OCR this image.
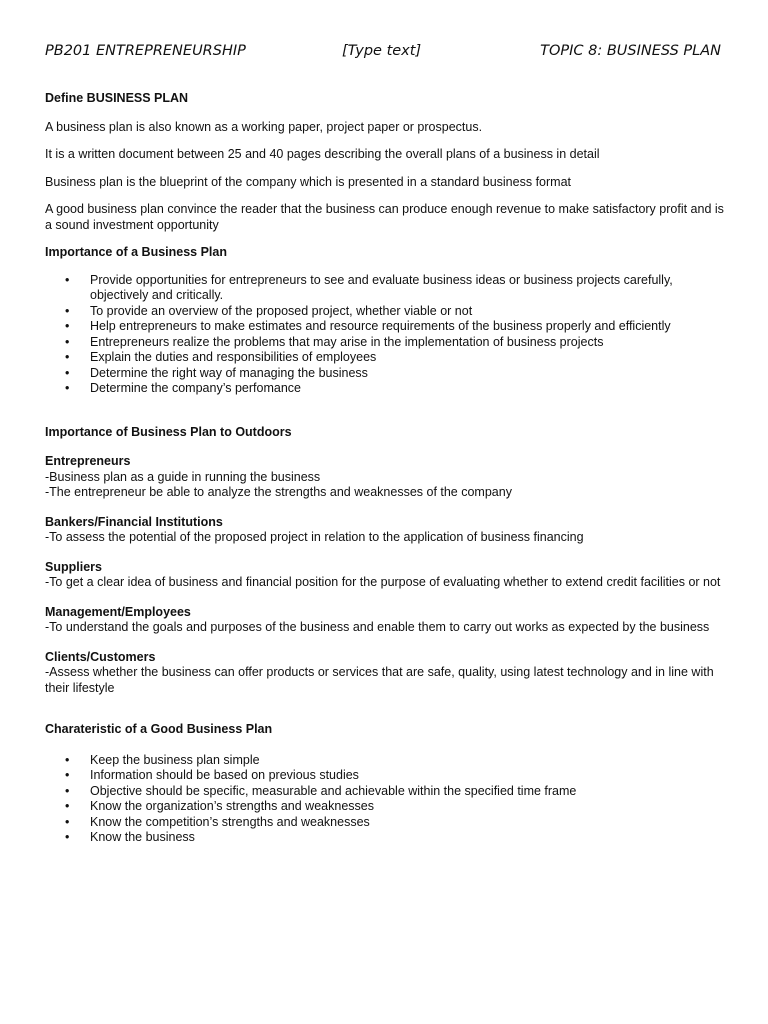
PB201 ENTREPRENEURSHIP	[Type text]	TOPIC 8: BUSINESS PLAN

Define BUSINESS PLAN

A business plan is also known as a working paper, project paper or prospectus.

It is a written document between 25 and 40 pages describing the overall plans of a business in detail

Business plan is the blueprint of the company which is presented in a standard business format

A good business plan convince the reader that the business can produce enough revenue to make satisfactory profit and is a sound investment opportunity

Importance of a Business Plan

• Provide opportunities for entrepreneurs to see and evaluate business ideas or business projects carefully, objectively and critically.
• To provide an overview of the proposed project, whether viable or not
• Help entrepreneurs to make estimates and resource requirements of the business properly and efficiently
• Entrepreneurs realize the problems that may arise in the implementation of business projects
• Explain the duties and responsibilities of employees
• Determine the right way of managing the business
• Determine the company’s perfomance

Importance of Business Plan to Outdoors

Entrepreneurs

-Business plan as a guide in running the business

-The entrepreneur be able to analyze the strengths and weaknesses of the company

Bankers/Financial Institutions

-To assess the potential of the proposed project in relation to the application of business financing

Suppliers

-To get a clear idea of business and financial position for the purpose of evaluating whether to extend credit facilities or not

Management/Employees

-To understand the goals and purposes of the business and enable them to carry out works as expected by the business

Clients/Customers

-Assess whether the business can offer products or services that are safe, quality, using latest technology and in line with their lifestyle

Charateristic of a Good Business Plan

• Keep the business plan simple
• Information should be based on previous studies
• Objective should be specific, measurable and achievable within the specified time frame
• Know the organization’s strengths and weaknesses
• Know the competition’s strengths and weaknesses
• Know the business
